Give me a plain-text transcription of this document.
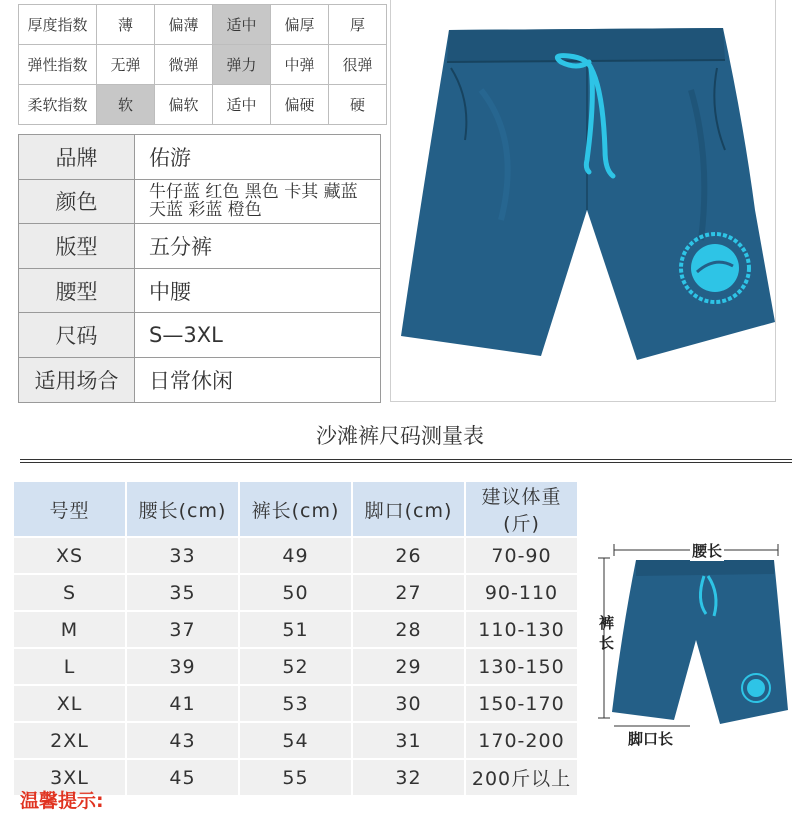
厚度指数	薄	偏薄	适中	偏厚	厚
弹性指数	无弹	微弹	弹力	中弹	很弹
柔软指数	软	偏软	适中	偏硬	硬
品牌	佑游
颜色	牛仔蓝 红色 黑色 卡其 藏蓝 天蓝 彩蓝 橙色
版型	五分裤
腰型	中腰
尺码	S—3XL
适用场合	日常休闲
沙滩裤尺码测量表
号型	腰长(cm)	裤长(cm)	脚口(cm)	建议体重(斤)
XS	33	49	26	70-90
S	35	50	27	90-110
M	37	51	28	110-130
L	39	52	29	130-150
XL	41	53	30	150-170
2XL	43	54	31	170-200
3XL	45	55	32	200斤以上
腰长
裤
长
脚口长
温馨提示:
